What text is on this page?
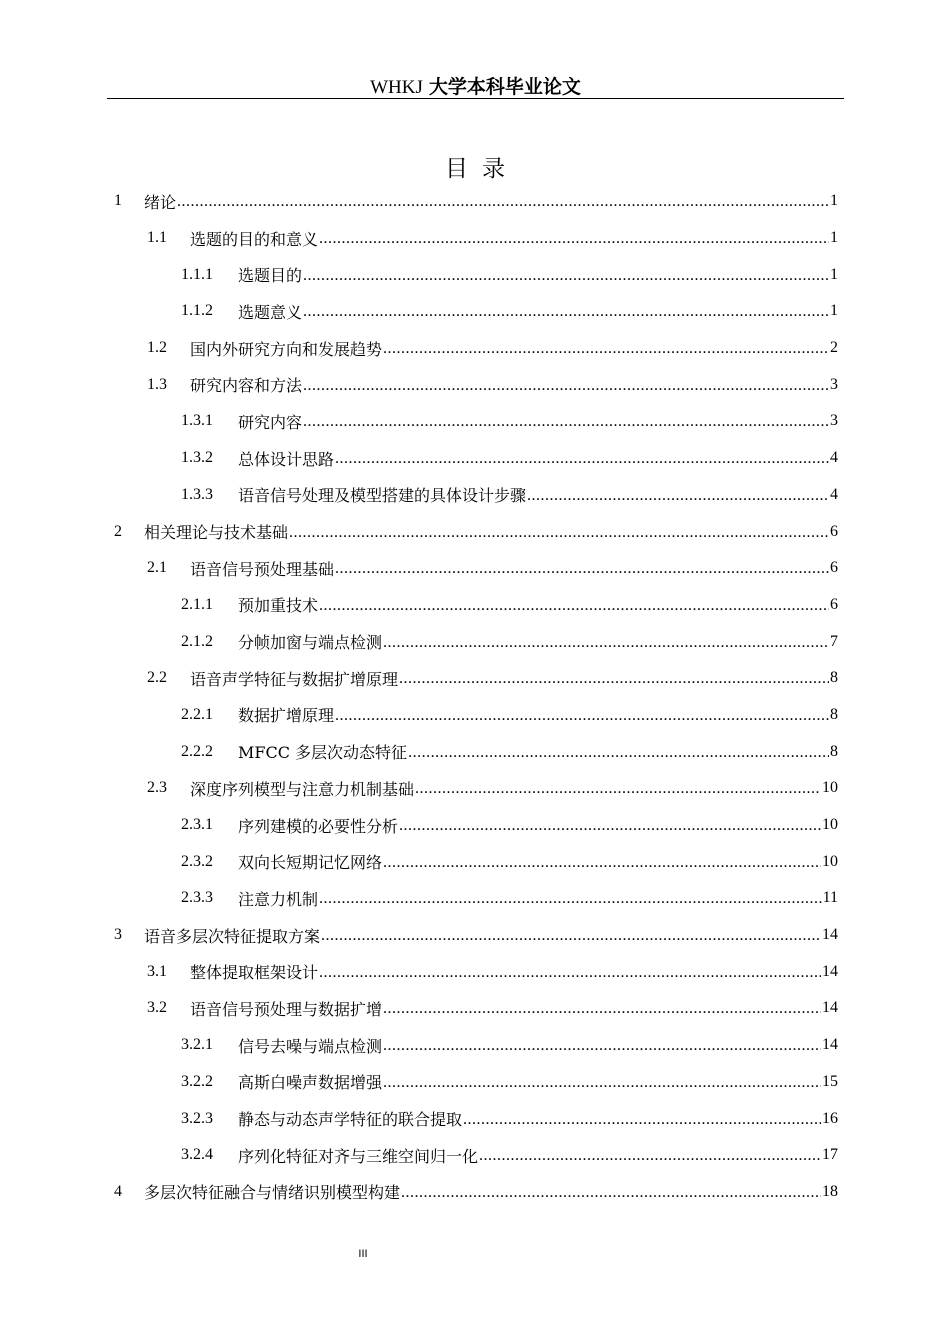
WHKJ 大学本科毕业论文
目录
1	绪论 .....	1
1.1	选题的目的和意义 .....	1
1.1.1	选题目的 .....	1
1.1.2	选题意义 .....	1
1.2	国内外研究方向和发展趋势 .....	2
1.3	研究内容和方法 .....	3
1.3.1	研究内容 .....	3
1.3.2	总体设计思路 .....	4
1.3.3	语音信号处理及模型搭建的具体设计步骤 .....	4
2	相关理论与技术基础 .....	6
2.1	语音信号预处理基础 .....	6
2.1.1	预加重技术 .....	6
2.1.2	分帧加窗与端点检测 .....	7
2.2	语音声学特征与数据扩增原理 .....	8
2.2.1	数据扩增原理 .....	8
2.2.2	MFCC 多层次动态特征 .....	8
2.3	深度序列模型与注意力机制基础 .....	10
2.3.1	序列建模的必要性分析 .....	10
2.3.2	双向长短期记忆网络 .....	10
2.3.3	注意力机制 .....	11
3	语音多层次特征提取方案 .....	14
3.1	整体提取框架设计 .....	14
3.2	语音信号预处理与数据扩增 .....	14
3.2.1	信号去噪与端点检测 .....	14
3.2.2	高斯白噪声数据增强 .....	15
3.2.3	静态与动态声学特征的联合提取 .....	16
3.2.4	序列化特征对齐与三维空间归一化 .....	17
4	多层次特征融合与情绪识别模型构建 .....	18
III
